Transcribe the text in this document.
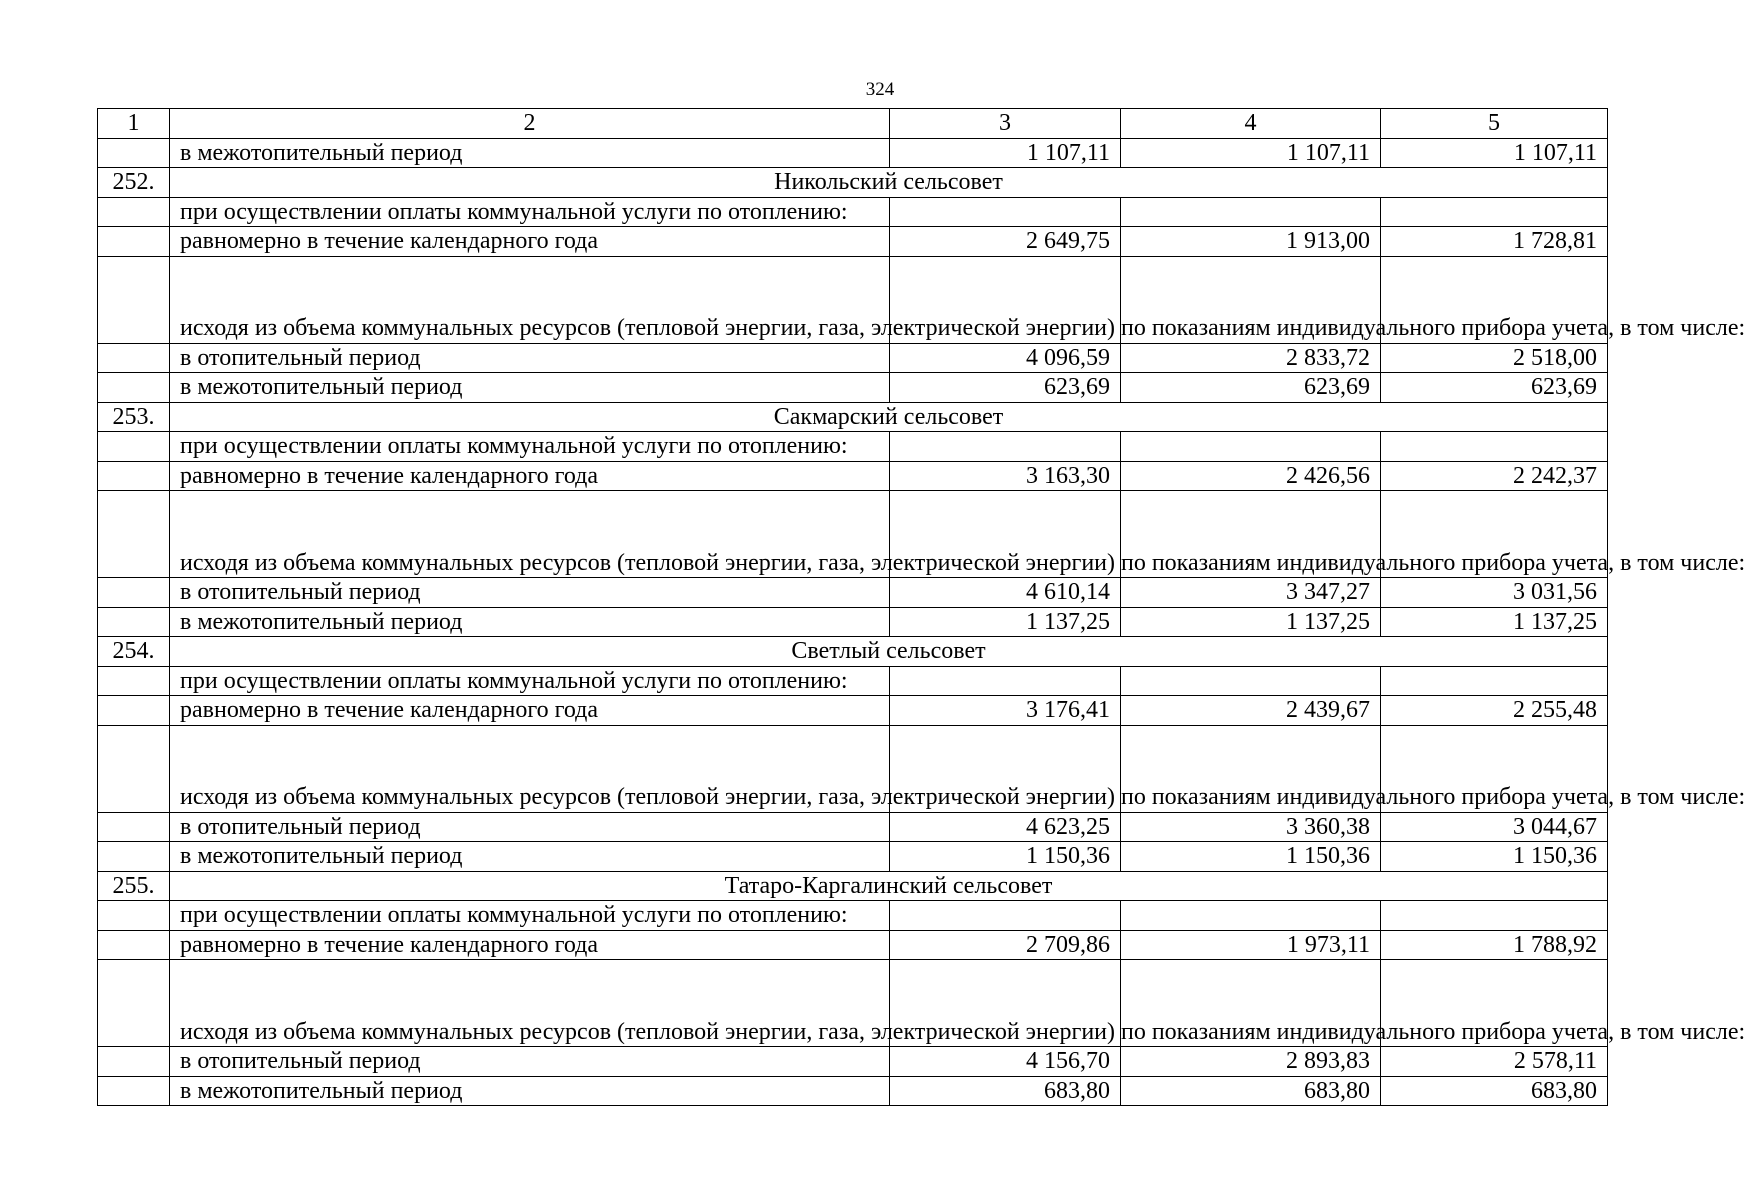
324
1	2	3	4	5
	в межотопительный период	1 107,11	1 107,11	1 107,11
252.	Никольский сельсовет			
	при осуществлении оплаты коммунальной услуги по отоплению:			
	равномерно в течение календарного года	2 649,75	1 913,00	1 728,81
	исходя из объема коммунальных ресурсов (тепловой энергии, газа, электрической энергии) по показаниям индивидуального прибора учета, в том числе:			
	в отопительный период	4 096,59	2 833,72	2 518,00
	в межотопительный период	623,69	623,69	623,69
253.	Сакмарский сельсовет			
	при осуществлении оплаты коммунальной услуги по отоплению:			
	равномерно в течение календарного года	3 163,30	2 426,56	2 242,37
	исходя из объема коммунальных ресурсов (тепловой энергии, газа, электрической энергии) по показаниям индивидуального прибора учета, в том числе:			
	в отопительный период	4 610,14	3 347,27	3 031,56
	в межотопительный период	1 137,25	1 137,25	1 137,25
254.	Светлый сельсовет			
	при осуществлении оплаты коммунальной услуги по отоплению:			
	равномерно в течение календарного года	3 176,41	2 439,67	2 255,48
	исходя из объема коммунальных ресурсов (тепловой энергии, газа, электрической энергии) по показаниям индивидуального прибора учета, в том числе:			
	в отопительный период	4 623,25	3 360,38	3 044,67
	в межотопительный период	1 150,36	1 150,36	1 150,36
255.	Татаро-Каргалинский сельсовет			
	при осуществлении оплаты коммунальной услуги по отоплению:			
	равномерно в течение календарного года	2 709,86	1 973,11	1 788,92
	исходя из объема коммунальных ресурсов (тепловой энергии, газа, электрической энергии) по показаниям индивидуального прибора учета, в том числе:			
	в отопительный период	4 156,70	2 893,83	2 578,11
	в межотопительный период	683,80	683,80	683,80
